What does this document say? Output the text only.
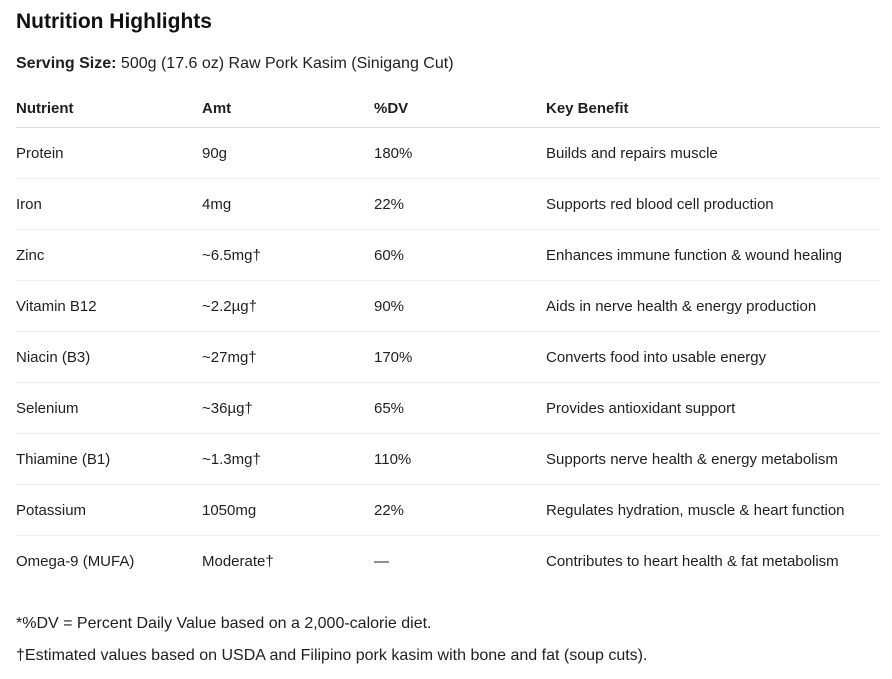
Nutrition Highlights

Serving Size: 500g (17.6 oz) Raw Pork Kasim (Sinigang Cut)

Nutrient	Amt	%DV	Key Benefit
Protein	90g	180%	Builds and repairs muscle
Iron	4mg	22%	Supports red blood cell production
Zinc	~6.5mg†	60%	Enhances immune function & wound healing
Vitamin B12	~2.2µg†	90%	Aids in nerve health & energy production
Niacin (B3)	~27mg†	170%	Converts food into usable energy
Selenium	~36µg†	65%	Provides antioxidant support
Thiamine (B1)	~1.3mg†	110%	Supports nerve health & energy metabolism
Potassium	1050mg	22%	Regulates hydration, muscle & heart function
Omega-9 (MUFA)	Moderate†	—	Contributes to heart health & fat metabolism

*%DV = Percent Daily Value based on a 2,000-calorie diet.

†Estimated values based on USDA and Filipino pork kasim with bone and fat (soup cuts).
